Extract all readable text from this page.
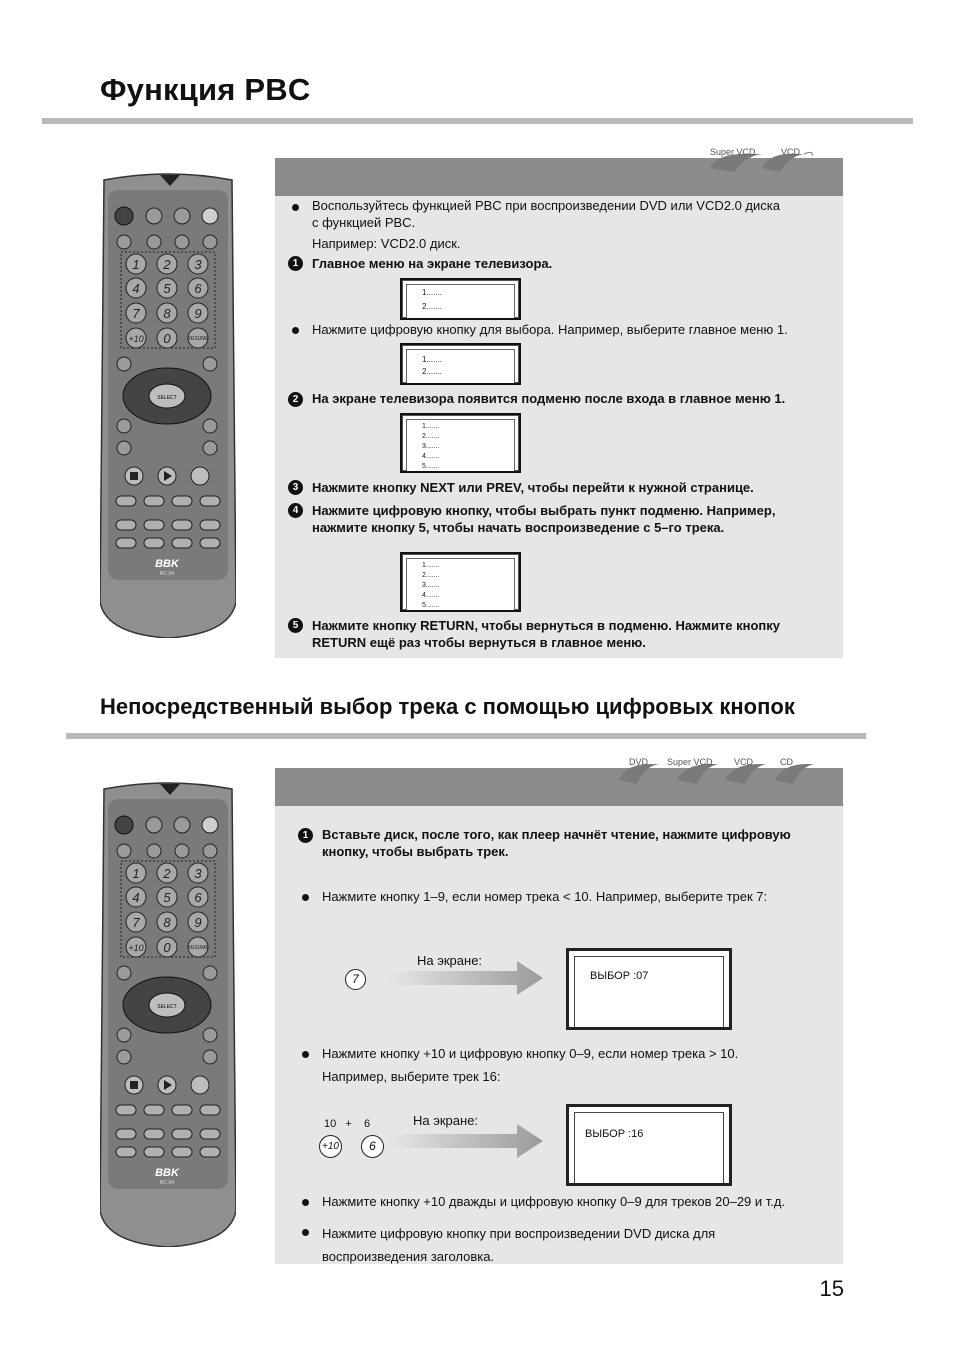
Функция PBC
Super VCD	VCD
Воспользуйтесь функцией PBC при воспроизведении DVD или VCD2.0 диска с функцией PBC.
Например: VCD2.0 диск.
1	Главное меню на экране телевизора.
1.......
2.......
Нажмите цифровую кнопку для выбора. Например, выберите главное меню 1.
1.......
2.......
2	На экране телевизора появится подменю после входа в главное меню 1.
1.......
2.......
3.......
4.......
5.......
3	Нажмите кнопку NEXT или PREV, чтобы перейти к нужной странице.
4	Нажмите цифровую кнопку, чтобы выбрать пункт подменю. Например, нажмите кнопку 5, чтобы начать воспроизведение с 5–го трека.
1.......
2.......
3.......
4.......
5.......
5	Нажмите кнопку RETURN, чтобы вернуться в подменю. Нажмите кнопку RETURN ещё раз чтобы вернуться в главное меню.
Непосредственный выбор трека с помощью цифровых кнопок
DVD Super VCD VCD	CD
1	Вставьте диск, после того, как плеер начнёт чтение, нажмите цифровую кнопку, чтобы выбрать трек.
Нажмите кнопку 1–9, если номер трека < 10. Например, выберите трек 7:
На экране:
7	ВЫБОР :07
Нажмите кнопку +10 и цифровую кнопку 0–9, если номер трека > 10.
Например, выберите трек 16:
10   +    6	На экране:
+10	6
ВЫБОР :16
Нажмите кнопку +10 дважды и цифровую кнопку 0–9 для треков 20–29 и т.д.
Нажмите цифровую кнопку при воспроизведении DVD диска для воспроизведения заголовка.
15
1 2 3
4 5 6
7 8 9
+10 0	RESUME
SELECT
BBK
RC-04
1 2 3
4 5 6
7 8 9
+10 0	RESUME
SELECT
BBK
RC-04
